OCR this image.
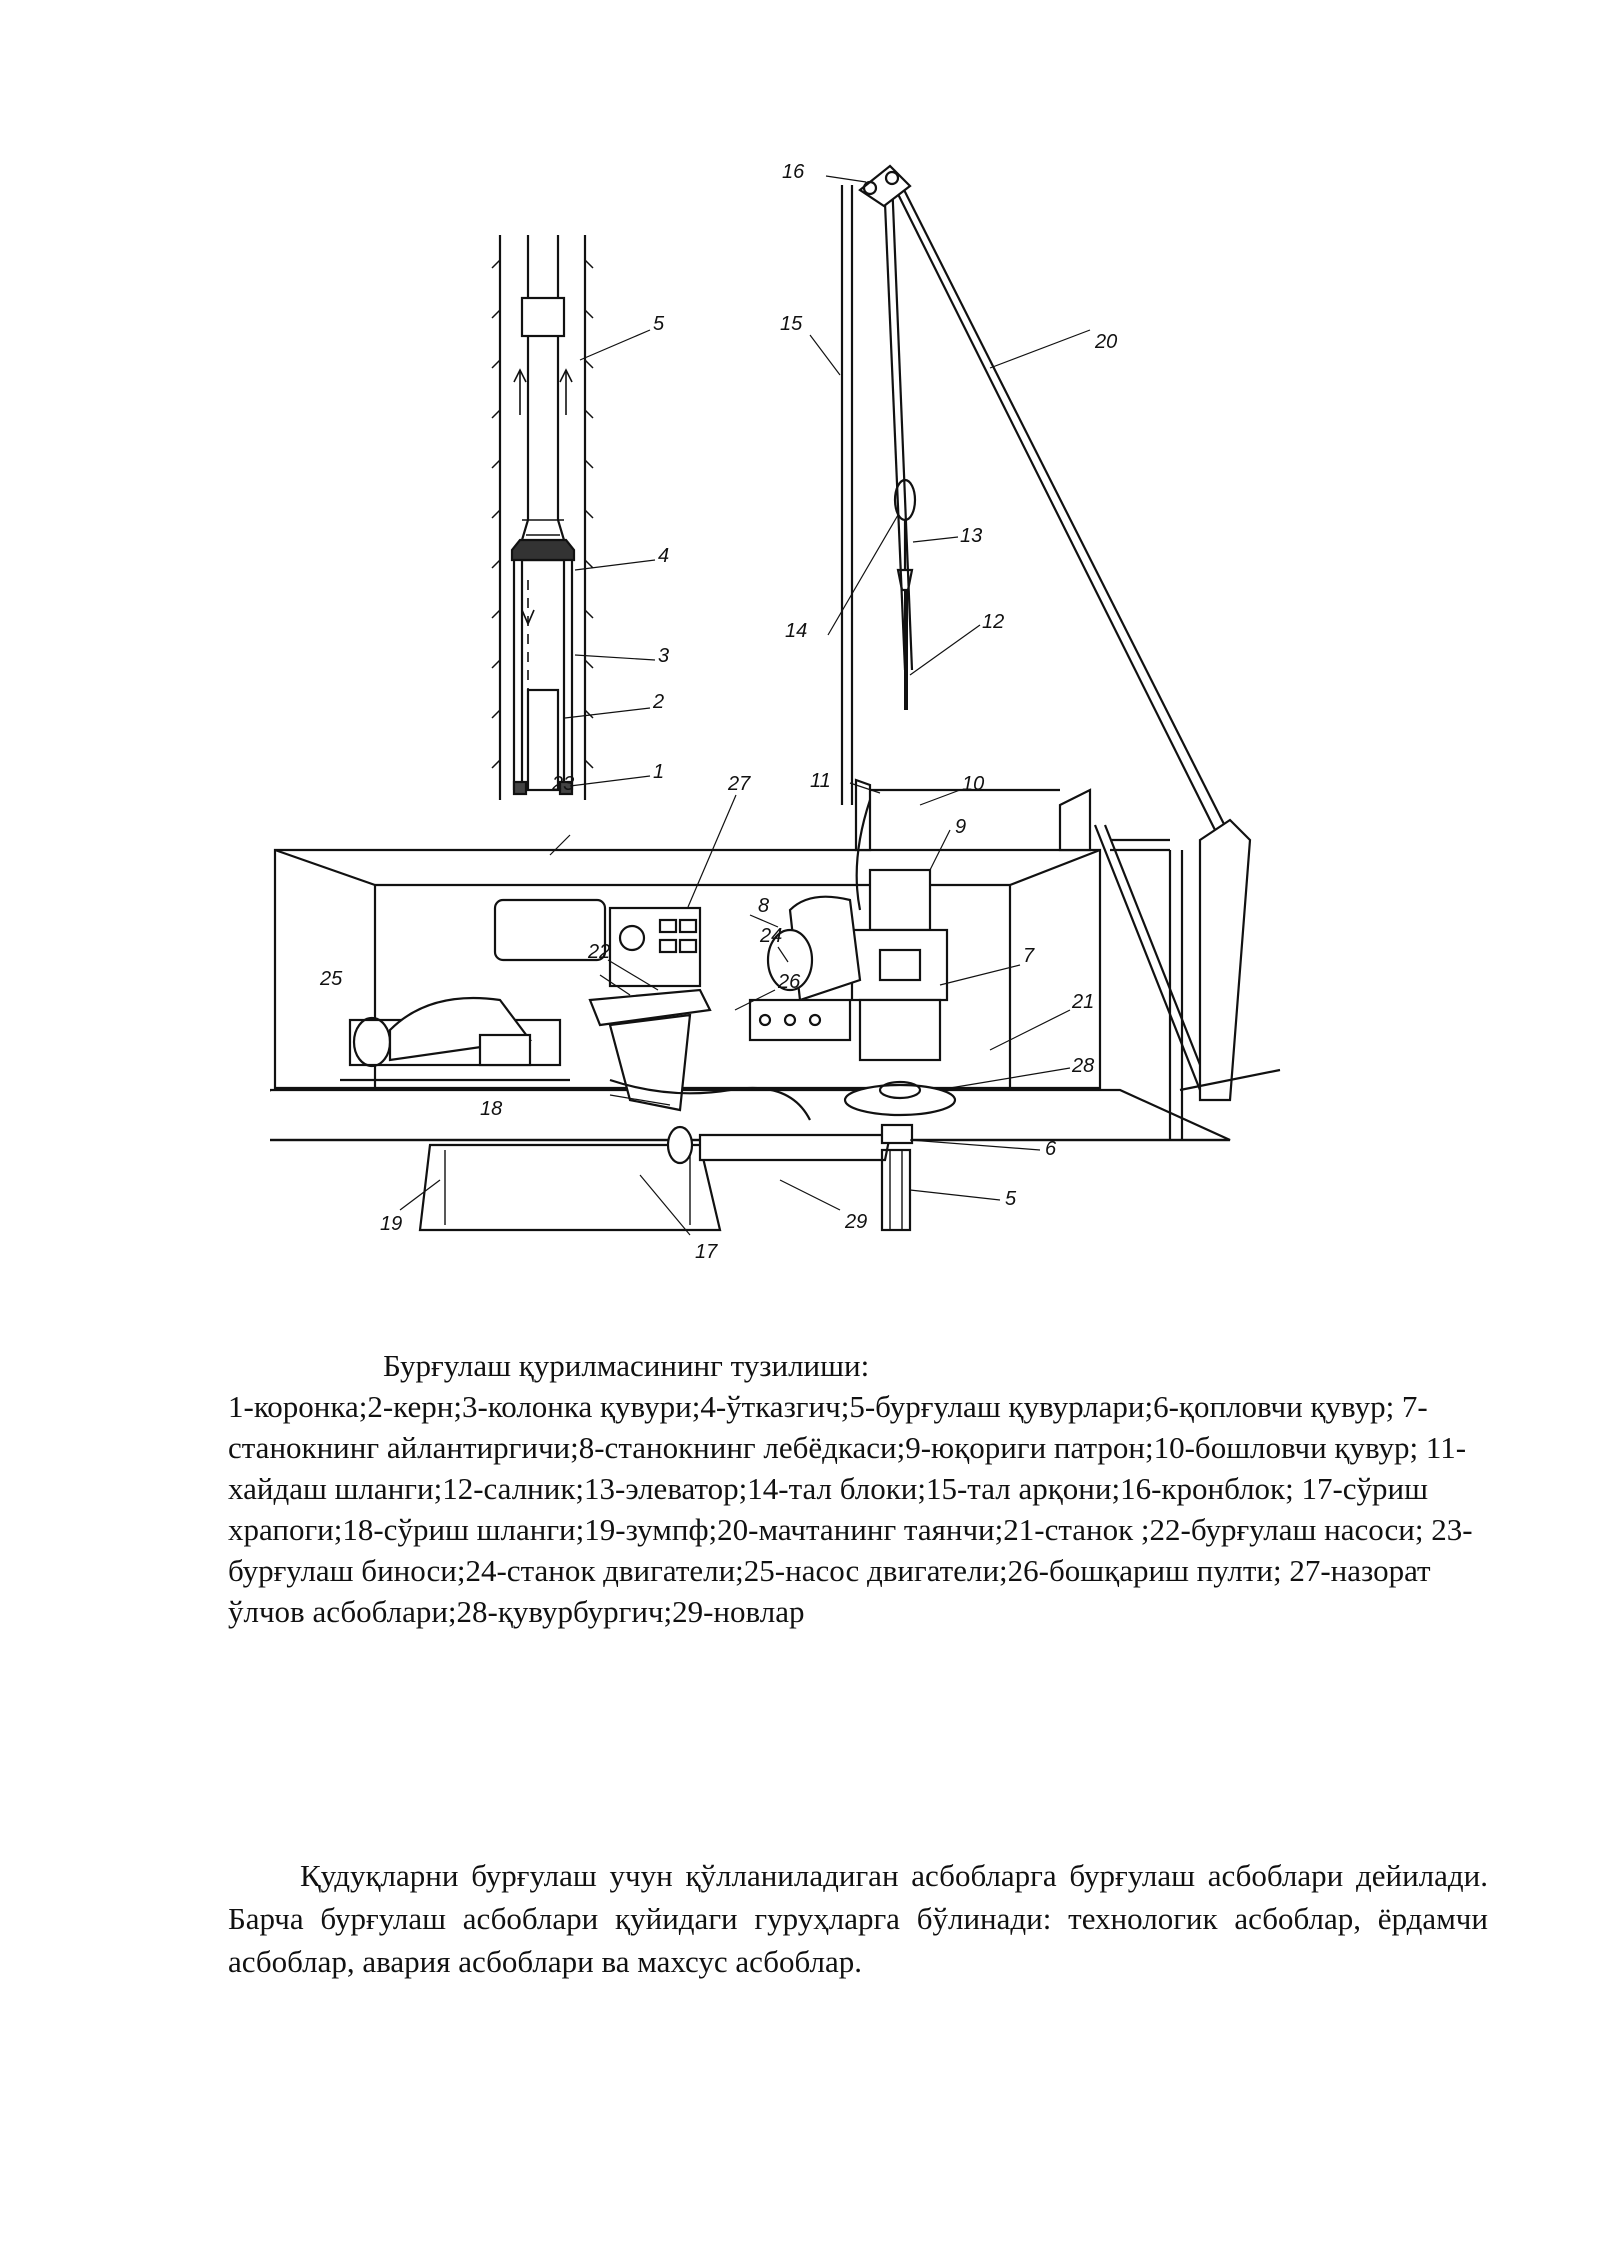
16
15
20
5
4
3
2
1
14
13
12
11	10
9
23	27
8
24
7
21
22
25	26
18
28
6
19
17
29
5
Бурғулаш қурилмасининг тузилиши:
1-коронка;2-керн;3-колонка қувури;4-ўтказгич;5-бурғулаш қувурлари;6-қопловчи қувур; 7-станокнинг айлантиргичи;8-станокнинг лебёдкаси;9-юқориги патрон;10-бошловчи қувур; 11-хайдаш шланги;12-салник;13-элеватор;14-тал блоки;15-тал арқони;16-кронблок; 17-сўриш храпоги;18-сўриш шланги;19-зумпф;20-мачтанинг таянчи;21-станок ;22-бурғулаш насоси; 23-бурғулаш биноси;24-станок двигатели;25-насос двигатели;26-бошқариш пулти; 27-назорат ўлчов асбоблари;28-қувурбургич;29-новлар

Қудуқларни бурғулаш учун қўлланиладиган асбобларга бурғулаш асбоблари дейилади. Барча бурғулаш асбоблари қуйидаги гуруҳларга бўлинади: технологик асбоблар, ёрдамчи асбоблар, авария асбоблари ва махсус асбоблар.
